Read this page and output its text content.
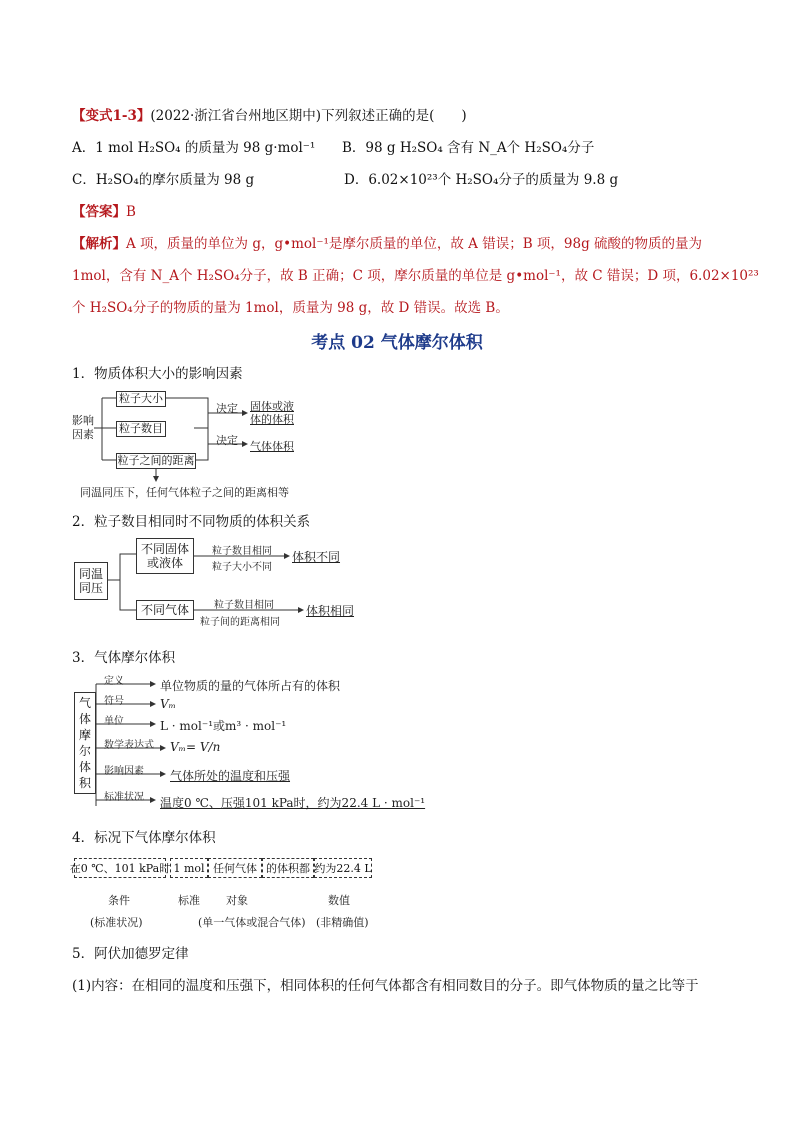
【变式1-3】(2022·浙江省台州地区期中)下列叙述正确的是(　　)
A．1 mol H₂SO₄ 的质量为 98 g·mol⁻¹ B．98 g H₂SO₄ 含有 N_A个 H₂SO₄分子
C．H₂SO₄的摩尔质量为 98 g	D．6.02×10²³个 H₂SO₄分子的质量为 9.8 g
【答案】B
【解析】A 项，质量的单位为 g，g•mol⁻¹是摩尔质量的单位，故 A 错误；B 项，98g 硫酸的物质的量为
1mol，含有 N_A个 H₂SO₄分子，故 B 正确；C 项，摩尔质量的单位是 g•mol⁻¹，故 C 错误；D 项，6.02×10²³
个 H₂SO₄分子的物质的量为 1mol，质量为 98 g，故 D 错误。故选 B。
考点 02 气体摩尔体积
1．物质体积大小的影响因素
影响
因素
粒子大小
粒子数目
粒子之间的距离
决定
决定
固体或液
体的体积
气体体积
同温同压下，任何气体粒子之间的距离相等
2．粒子数目相同时不同物质的体积关系
同温
同压
不同固体
或液体
不同气体
粒子数目相同
粒子大小不同
粒子数目相同
粒子间的距离相同
体积不同
体积相同
3．气体摩尔体积
气
体
摩
尔
体
积
定义	单位物质的量的气体所占有的体积
符号	Vₘ
单位	L · mol⁻¹或m³ · mol⁻¹
数学表达式 Vₘ= V/n
影响因素 气体所处的温度和压强
标准状况 温度0 ℃、压强101 kPa时，约为22.4 L · mol⁻¹
4．标况下气体摩尔体积
在0 ℃、101 kPa时 1 mol 任何气体 的体积都 约为22.4 L
条件
(标准状况)
标准 对象
(单一气体或混合气体)
数值
(非精确值)
5．阿伏加德罗定律
(1)内容：在相同的温度和压强下，相同体积的任何气体都含有相同数目的分子。即气体物质的量之比等于
